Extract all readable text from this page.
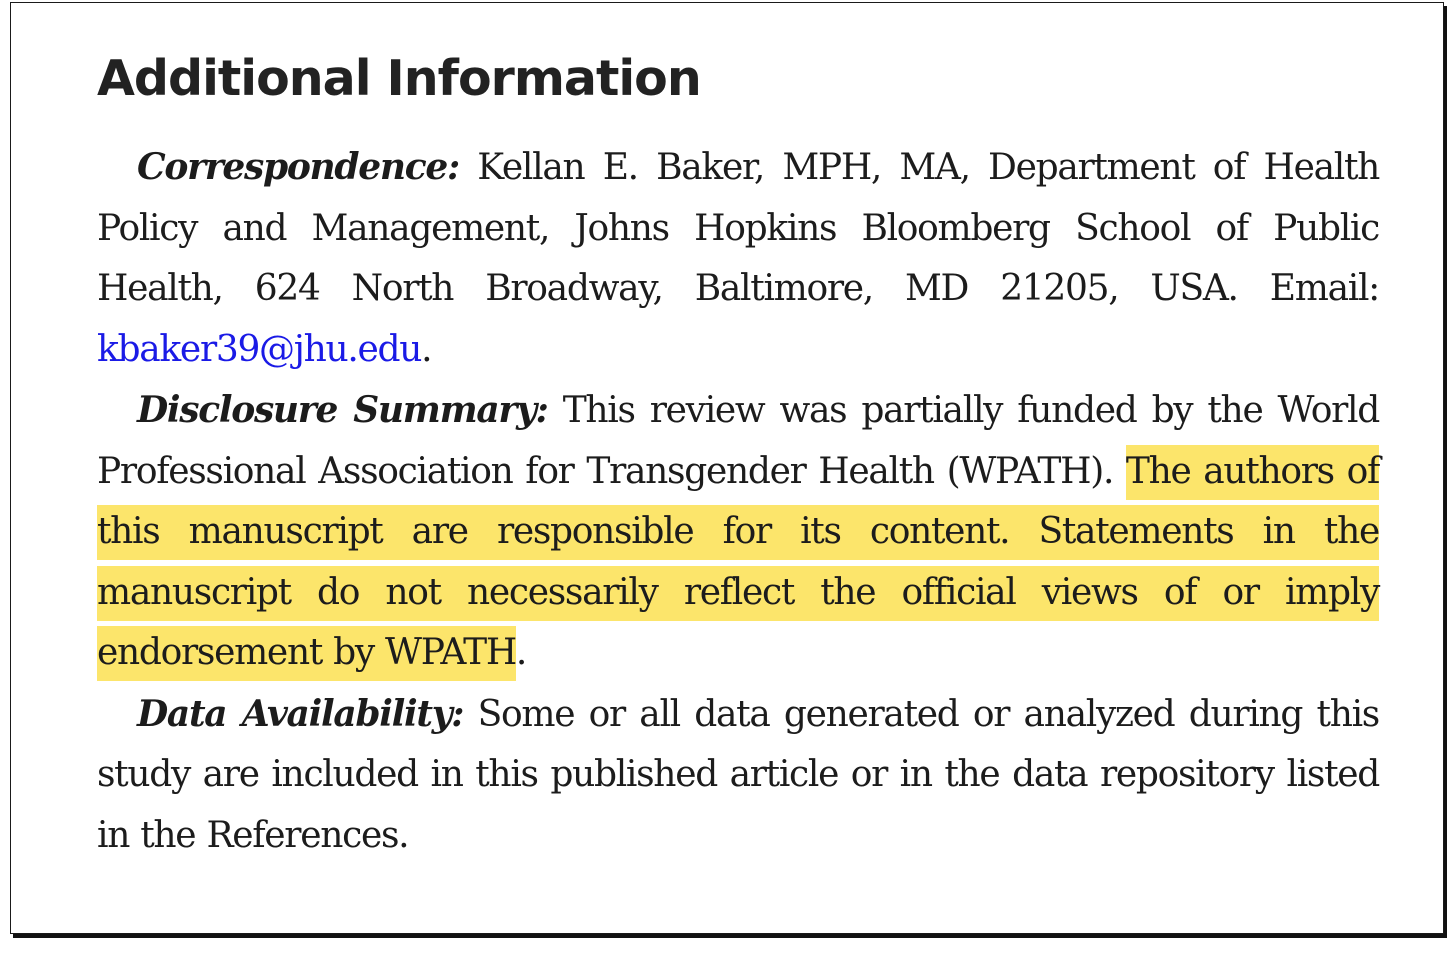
Additional Information

Correspondence: Kellan E. Baker, MPH, MA, Department of Health Policy and Management, Johns Hopkins Bloomberg School of Public Health, 624 North Broadway, Baltimore, MD 21205, USA. Email: kbaker39@jhu.edu.

Disclosure Summary: This review was partially funded by the World Professional Association for Transgender Health (WPATH). The authors of this manuscript are responsible for its content. Statements in the manuscript do not necessarily reflect the official views of or imply endorsement by WPATH.

Data Availability: Some or all data generated or analyzed during this study are included in this published article or in the data repository listed in the References.
